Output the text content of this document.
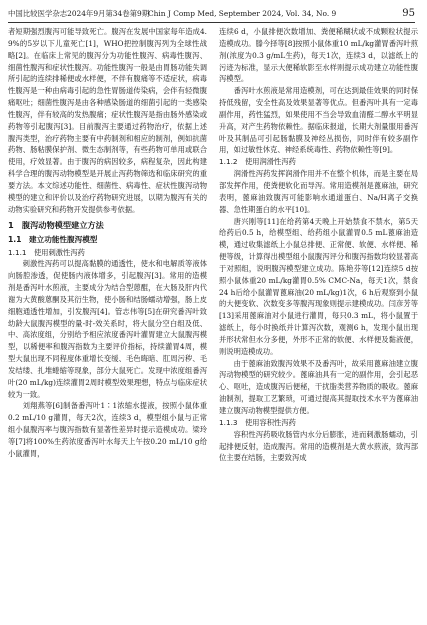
中国比较医学杂志2024年9月第34卷第9期
Chin J Comp Med, September 2024, Vol. 34, No. 9	95

者短期强烈腹泻可能导致死亡。腹泻在发展中国家每年造成4.9%的5岁以下儿童死亡[1]，WHO把控制腹泻列为全球性战略[2]。在临床上常见的腹泻分为功能性腹泻、病毒性腹泻、细菌性腹泻和症状性腹泻。功能性腹泻一般是由胃肠功能失调所引起的连续排稀便或水样便，不伴有腹痛等不适症状，病毒性腹泻是一种由病毒引起的急性胃肠道传染病，会伴有轻微腹痛呕吐；细菌性腹泻是由各种感染肠道的细菌引起的一类感染性腹泻，伴有较高的发热腹痛；症状性腹泻是指由肠外感染或药物等引起腹泻[3]。目前腹泻主要通过药物治疗，依据上述腹泻类型，治疗药物主要有中药制剂和相应的制剂，例如抗菌药物、肠粘膜保护剂、微生态制剂等，有些药物可单用或联合使用，疗效显著。由于腹泻的病因较多，病程复杂，因此构建科学合理的腹泻动物模型是开展止泻药物筛选和临床研究的重要方法。本文综述功能性、细菌性、病毒性、症状性腹泻动物模型的建立和评价以及治疗药物研究进展，以期为腹泻有关的动物实验研究和药物开发提供参考依据。

1　腹泻动物模型建立方法
1.1　建立功能性腹泻模型
1.1.1　使用刺激性泻药

刺激性泻药可以提高黏膜的通透性，使水和电解质等液体向肠腔渗透，促使肠内液体增多，引起腹泻[3]。常用的造模剂是番泻叶水煎液，主要成分为结合型蒽醌，在大肠及肝内代谢为大黄酸蒽酮及其衍生物，使小肠和结肠蠕动增强，肠上皮细胞通透性增加，引发腹泻[4]。管志伟等[5]在研究番泻叶致幼龄大鼠腹泻模型的量-时-效关系时，将大鼠分空白组及低、中、高浓度组，分别给予相应浓度番泻叶灌胃建立大鼠腹泻模型，以稀便率和腹泻指数为主要评价指标，持续灌胃4周，模型大鼠出现不同程度体重增长变缓、毛色晦暗、肛周污秽、毛发结缕、扎堆蜷缩等现象，部分大鼠死亡。发现中浓度组番泻叶(20 mL/kg)连续灌胃2周时模型效果理想，特点与临床症状较为一致。

刘翔燕等[6]制备番泻叶1∶1浓缩水提液，按照小鼠体重0.2 mL/10 g灌胃，每天2次，连续3 d，模型组小鼠与正常组小鼠腹泻率与腹泻指数有显著性差异时提示造模成功。梁玲等[7]将100%生药浓度番泻叶水每天上午按0.20 mL/10 g给小鼠灌胃，

连续6 d，小鼠排便次数增加、粪便稀糊状或不成颗粒状提示造模成功。滕今择等[8]按照小鼠体重10 mL/kg灌胃番泻叶煎剂(浓度为0.3 g/mL生药)，每天1次，连续3 d，以滤纸上的污迹为标准，显示大便稀软影至水样则提示成功建立功能性腹泻模型。

番泻叶水煎液是常用造模剂，可在达到最佳效果的同时保持低残留，安全性高及效果显著等优点。但番泻叶具有一定毒副作用，药性猛烈，如果使用不当会导致血清醛二醇水平明显升高，对产生药物依赖性。据临床报道，长期大剂量服用番泻叶及其制品可引起肠黏膜及神经丛损伤，同时伴有较多副作用，如过敏性休克、神经系统毒性、药物依赖性等[9]。

1.1.2　使用润滑性泻药

润滑性泻药发挥润滑作用并不在整个机体，而是主要在局部发挥作用，使粪便软化而导泻。常用造模剂是蓖麻油，研究表明，蓖麻油致腹泻可能影响水通道蛋白、Na/H离子交换器、急性期蛋白的水平[10]。

唐兴刚等[11]在给药第4天晚上开始禁食不禁水，第5天给药后0.5 h，给模型组、给药组小鼠灌胃0.5 mL蓖麻油造模，通过收集滤纸上小鼠总排便、正常便、软便、水样便、稀便等级，计算得出模型组小鼠腹泻评分和腹泻指数均较显著高于对照组，说明腹泻模型建立成功。陈艳芬等[12]连续5 d按照小鼠体重20 mL/kg灌胃0.5% CMC-Na，每天1次，禁食24 h后给小鼠灌胃蓖麻油(20 mL/kg)1次，6 h后观察到小鼠的大便变软、次数变多等腹泻现象则提示建模成功。闫彦芳等[13]采用蓖麻油对小鼠进行灌胃，每只0.3 mL，将小鼠置于滤纸上，每小时换纸并计算泻次数，观测6 h，发现小鼠出现并形状常但水分多便，外形不正常的软便、水样便及黏液便，则说明造模成功。

由于蓖麻油致腹泻效果不及番泻叶，故采用蓖麻油建立腹泻动物模型的研究较少。蓖麻油具有一定的副作用，会引起恶心、呕吐，造成腹泻后便秘，干扰脂类营养物质的吸收。蓖麻油制剂，提取工艺繁琐，可通过提高其提取技术水平为蓖麻油建立腹泻动物模型提供方便。

1.1.3　使用容积性泻药

容积性泻药吸收肠管内水分后膨胀，进而刺激肠蠕动，引起排便反射，造成腹泻。常用的造模剂是大黄水煎液，致泻部位主要在结肠，主要致泻成
